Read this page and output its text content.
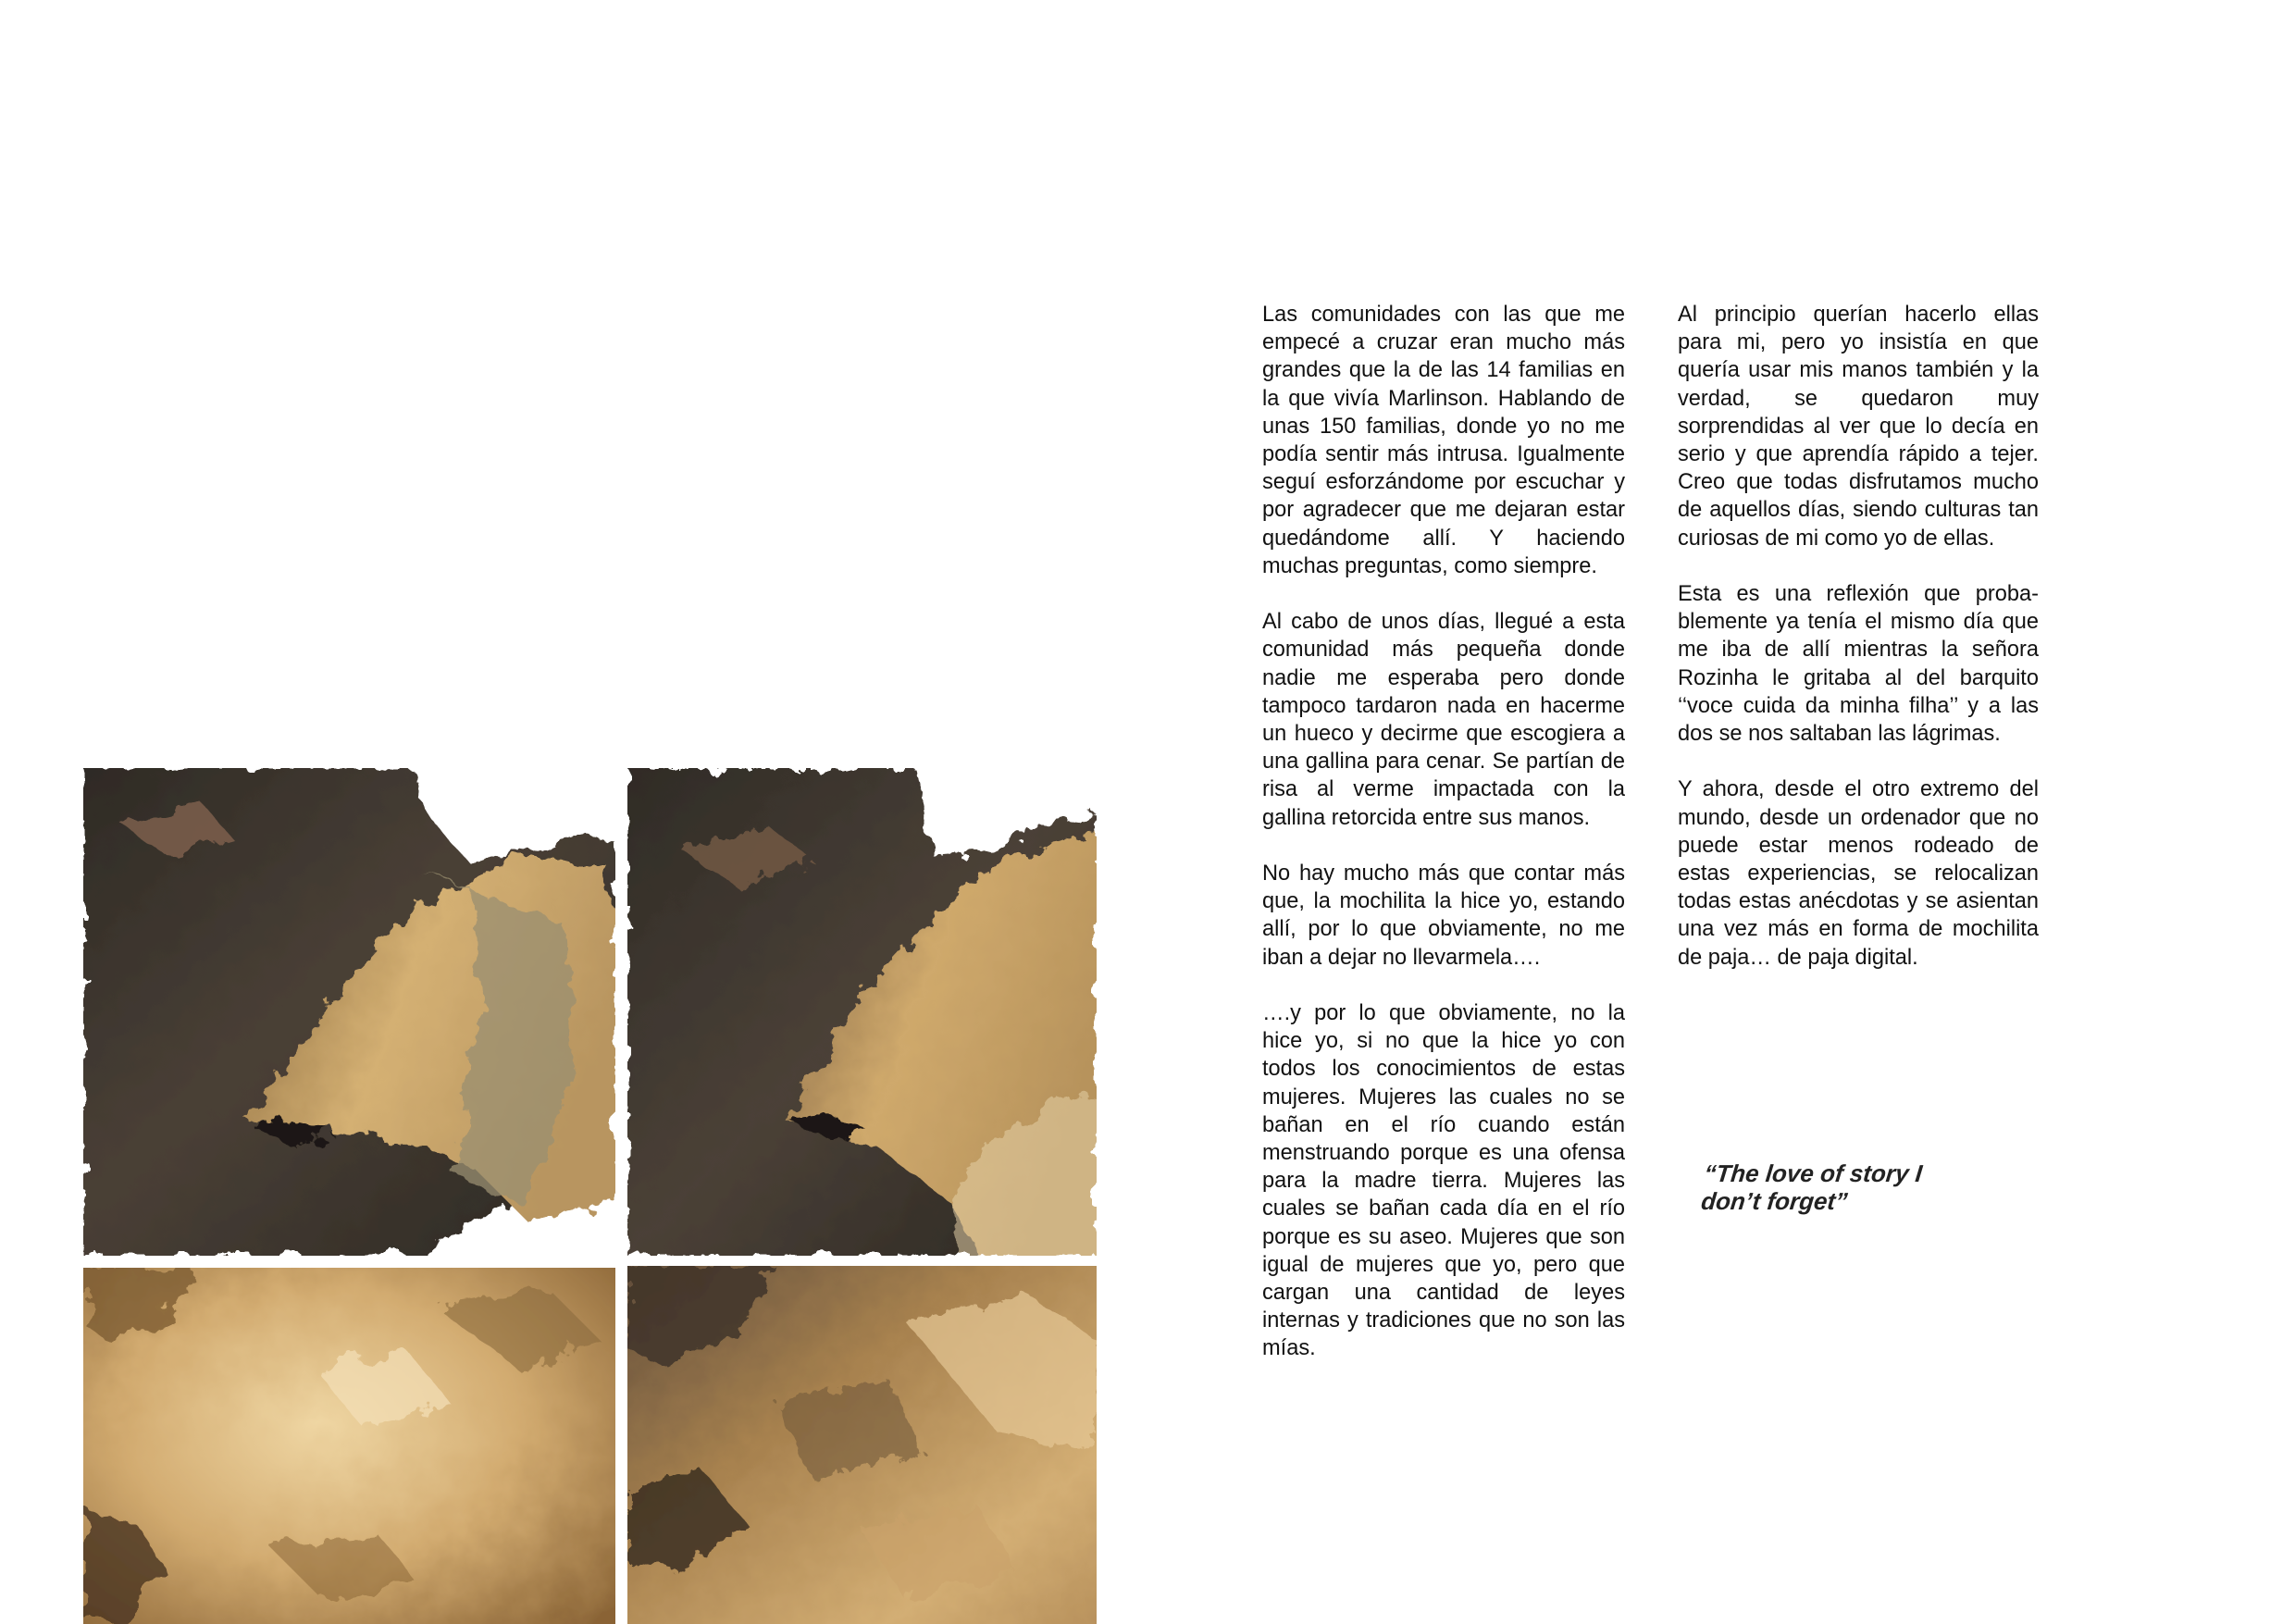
Las comunidades con las que me empecé a cruzar eran mucho más grandes que la de las 14 familias en la que vivía Marlinson. Hablando de unas 150 familias, donde yo no me podía sentir más intrusa. Igualmente seguí esforzándome por escuchar y por agradecer que me dejaran estar quedándome allí. Y haciendo muchas preguntas, como siempre.

Al cabo de unos días, llegué a esta comunidad más pequeña donde nadie me esperaba pero donde tampoco tardaron nada en hacerme un hueco y decirme que escogiera a una gallina para cenar. Se partían de risa al verme impactada con la gallina retorcida entre sus manos.

No hay mucho más que contar más que, la mochilita la hice yo, estando allí, por lo que obviamente, no me iban a dejar no llevarmela….

….y por lo que obviamente, no la hice yo, si no que la hice yo con todos los conocimientos de estas mujeres. Mujeres las cuales no se bañan en el río cuando están menstruando porque es una ofensa para la madre tierra. Mujeres las cuales se bañan cada día en el río porque es su aseo. Mujeres que son igual de mujeres que yo, pero que cargan una cantidad de leyes internas y tradiciones que no son las mías.

Al principio querían hacerlo ellas para mi, pero yo insistía en que quería usar mis manos también y la verdad, se quedaron muy sorprendidas al ver que lo decía en serio y que aprendía rápido a tejer. Creo que todas disfrutamos mucho de aquellos días, siendo culturas tan curiosas de mi como yo de ellas.

Esta es una reflexión que probablemente ya tenía el mismo día que me iba de allí mientras la señora Rozinha le gritaba al del barquito ‘‘voce cuida da minha filha’’ y a las dos se nos saltaban las lágrimas.

Y ahora, desde el otro extremo del mundo, desde un ordenador que no puede estar menos rodeado de estas experiencias, se relocalizan todas estas anécdotas y se asientan una vez más en forma de mochilita de paja… de paja digital.

“The love of story I
don’t forget”
